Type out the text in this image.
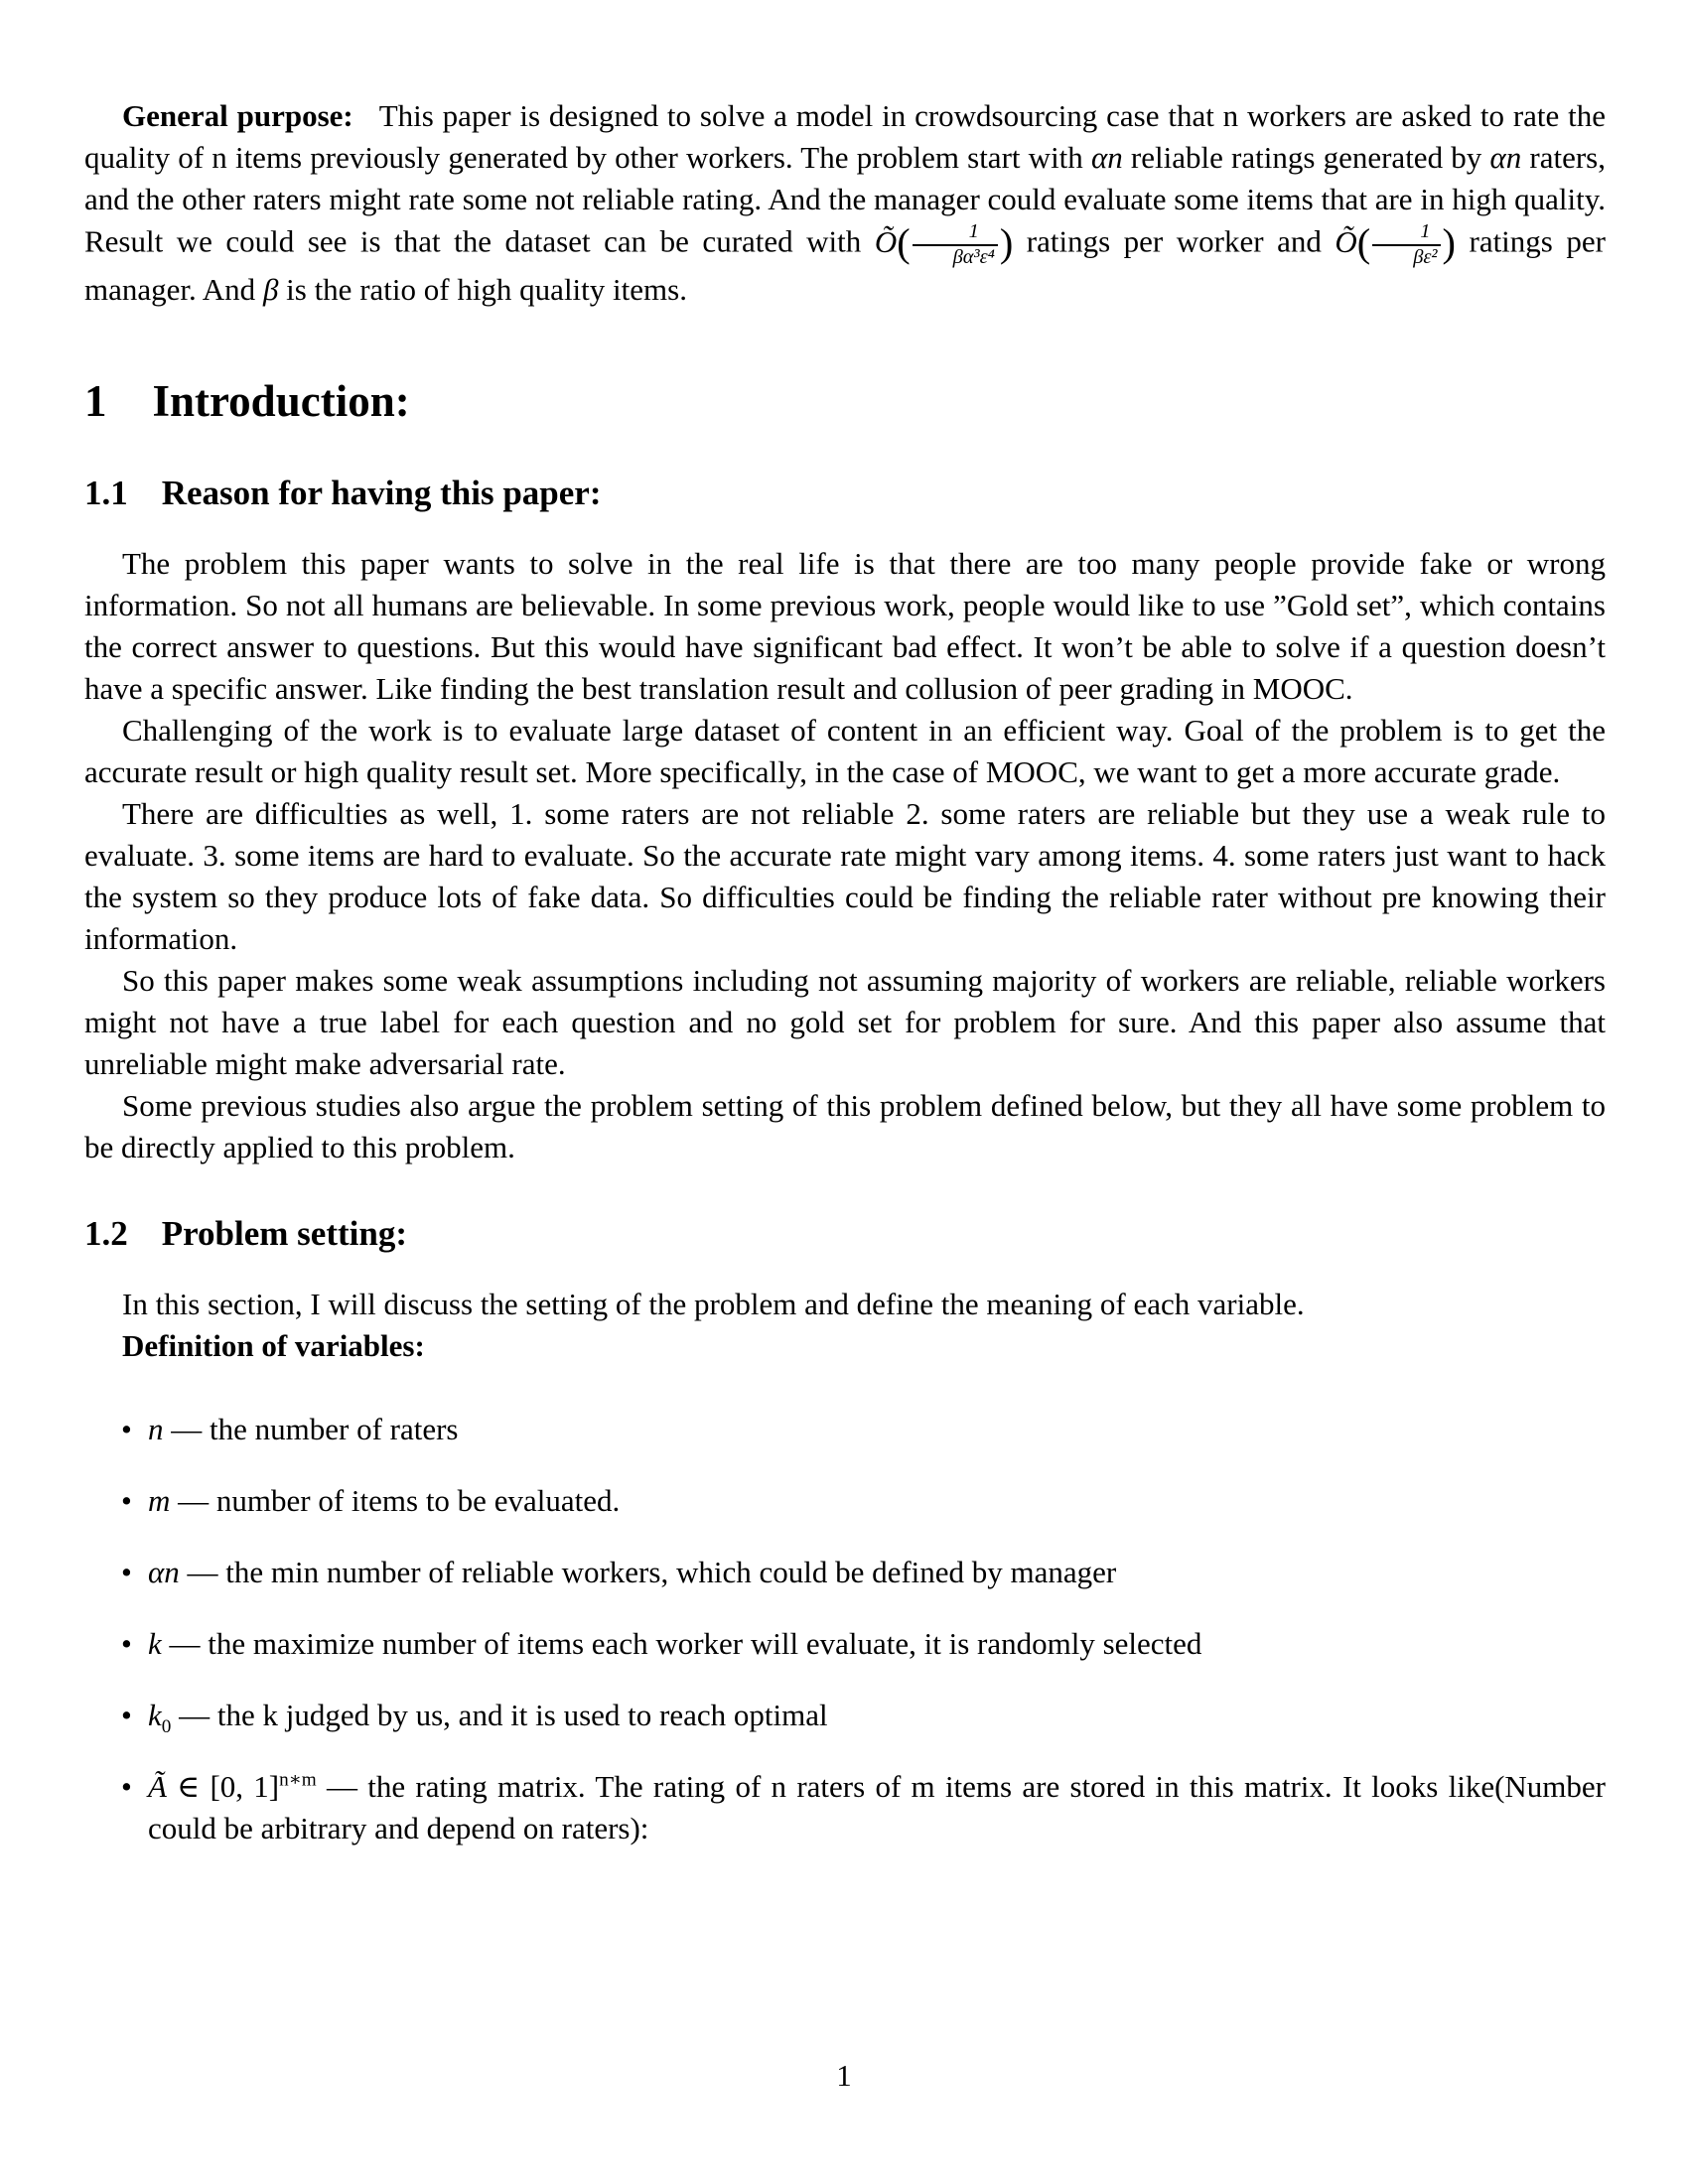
General purpose: This paper is designed to solve a model in crowdsourcing case that n workers are asked to rate the quality of n items previously generated by other workers. The problem start with αn reliable ratings generated by αn raters, and the other raters might rate some not reliable rating. And the manager could evaluate some items that are in high quality. Result we could see is that the dataset can be curated with Õ( $\frac{1}{\text{βα³ε⁴}}$ ) ratings per worker and Õ( $\frac{1}{\text{βε²}}$ ) ratings per manager. And β is the ratio of high quality items.

1 Introduction:
1.1 Reason for having this paper:

The problem this paper wants to solve in the real life is that there are too many people provide fake or wrong information. So not all humans are believable. In some previous work, people would like to use ”Gold set”, which contains the correct answer to questions. But this would have significant bad effect. It won’t be able to solve if a question doesn’t have a specific answer. Like finding the best translation result and collusion of peer grading in MOOC.

Challenging of the work is to evaluate large dataset of content in an efficient way. Goal of the problem is to get the accurate result or high quality result set. More specifically, in the case of MOOC, we want to get a more accurate grade.

There are difficulties as well, 1. some raters are not reliable 2. some raters are reliable but they use a weak rule to evaluate. 3. some items are hard to evaluate. So the accurate rate might vary among items. 4. some raters just want to hack the system so they produce lots of fake data. So difficulties could be finding the reliable rater without pre knowing their information.

So this paper makes some weak assumptions including not assuming majority of workers are reliable, reliable workers might not have a true label for each question and no gold set for problem for sure. And this paper also assume that unreliable might make adversarial rate.

Some previous studies also argue the problem setting of this problem defined below, but they all have some problem to be directly applied to this problem.

1.2 Problem setting:

In this section, I will discuss the setting of the problem and define the meaning of each variable.

Definition of variables:

• n — the number of raters
• m — number of items to be evaluated.
• αn — the min number of reliable workers, which could be defined by manager
• k — the maximize number of items each worker will evaluate, it is randomly selected
• $k_0$ — the k judged by us, and it is used to reach optimal
• Ã ∈ [0, 1]$^{n∗m}$ — the rating matrix. The rating of n raters of m items are stored in this matrix. It looks like(Number could be arbitrary and depend on raters):
1
